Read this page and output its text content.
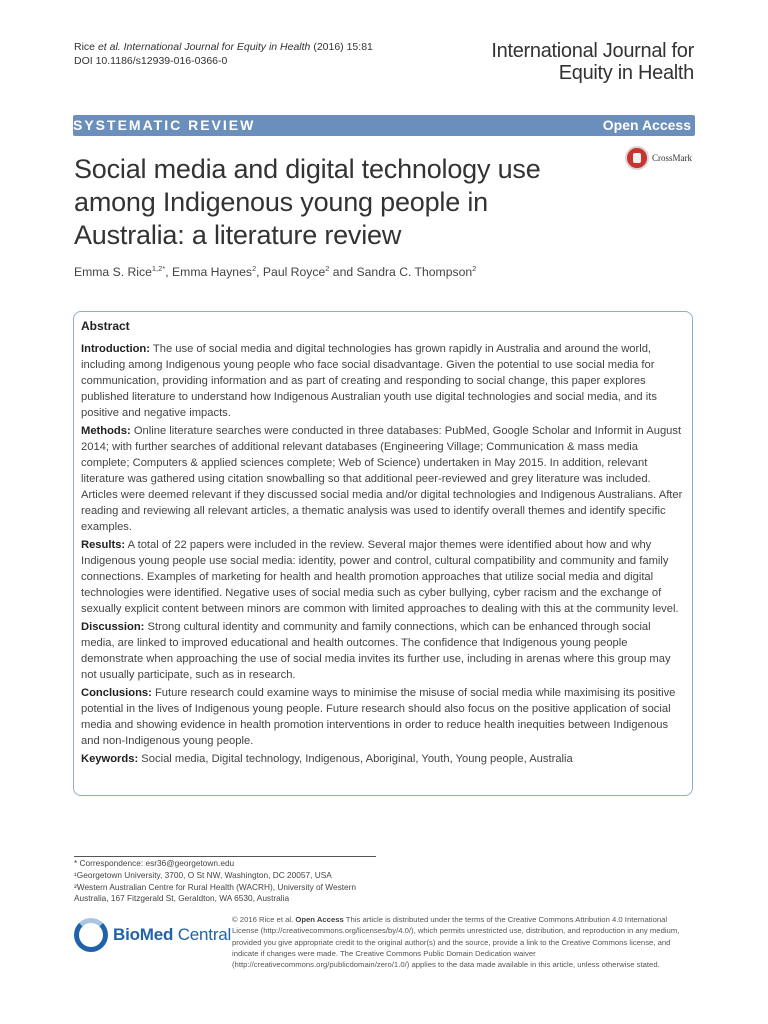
Rice et al. International Journal for Equity in Health (2016) 15:81
DOI 10.1186/s12939-016-0366-0	International Journal for
Equity in Health
SYSTEMATIC REVIEW	Open Access
CrossMark
Social media and digital technology use among Indigenous young people in Australia: a literature review
Emma S. Rice$^{1,2*}$, Emma Haynes$^2$, Paul Royce$^2$ and Sandra C. Thompson$^2$
Abstract

Introduction: The use of social media and digital technologies has grown rapidly in Australia and around the world, including among Indigenous young people who face social disadvantage. Given the potential to use social media for communication, providing information and as part of creating and responding to social change, this paper explores published literature to understand how Indigenous Australian youth use digital technologies and social media, and its positive and negative impacts.

Methods: Online literature searches were conducted in three databases: PubMed, Google Scholar and Informit in August 2014; with further searches of additional relevant databases (Engineering Village; Communication & mass media complete; Computers & applied sciences complete; Web of Science) undertaken in May 2015. In addition, relevant literature was gathered using citation snowballing so that additional peer-reviewed and grey literature was included. Articles were deemed relevant if they discussed social media and/or digital technologies and Indigenous Australians. After reading and reviewing all relevant articles, a thematic analysis was used to identify overall themes and identify specific examples.

Results: A total of 22 papers were included in the review. Several major themes were identified about how and why Indigenous young people use social media: identity, power and control, cultural compatibility and community and family connections. Examples of marketing for health and health promotion approaches that utilize social media and digital technologies were identified. Negative uses of social media such as cyber bullying, cyber racism and the exchange of sexually explicit content between minors are common with limited approaches to dealing with this at the community level.

Discussion: Strong cultural identity and community and family connections, which can be enhanced through social media, are linked to improved educational and health outcomes. The confidence that Indigenous young people demonstrate when approaching the use of social media invites its further use, including in arenas where this group may not usually participate, such as in research.

Conclusions: Future research could examine ways to minimise the misuse of social media while maximising its positive potential in the lives of Indigenous young people. Future research should also focus on the positive application of social media and showing evidence in health promotion interventions in order to reduce health inequities between Indigenous and non-Indigenous young people.

Keywords: Social media, Digital technology, Indigenous, Aboriginal, Youth, Young people, Australia

* Correspondence: esr36@georgetown.edu

¹Georgetown University, 3700, O St NW, Washington, DC 20057, USA

²Western Australian Centre for Rural Health (WACRH), University of Western

Australia, 167 Fitzgerald St, Geraldton, WA 6530, Australia

BioMed Central
© 2016 Rice et al. Open Access This article is distributed under the terms of the Creative Commons Attribution 4.0 International License (http://creativecommons.org/licenses/by/4.0/), which permits unrestricted use, distribution, and reproduction in any medium, provided you give appropriate credit to the original author(s) and the source, provide a link to the Creative Commons license, and indicate if changes were made. The Creative Commons Public Domain Dedication waiver (http://creativecommons.org/publicdomain/zero/1.0/) applies to the data made available in this article, unless otherwise stated.
